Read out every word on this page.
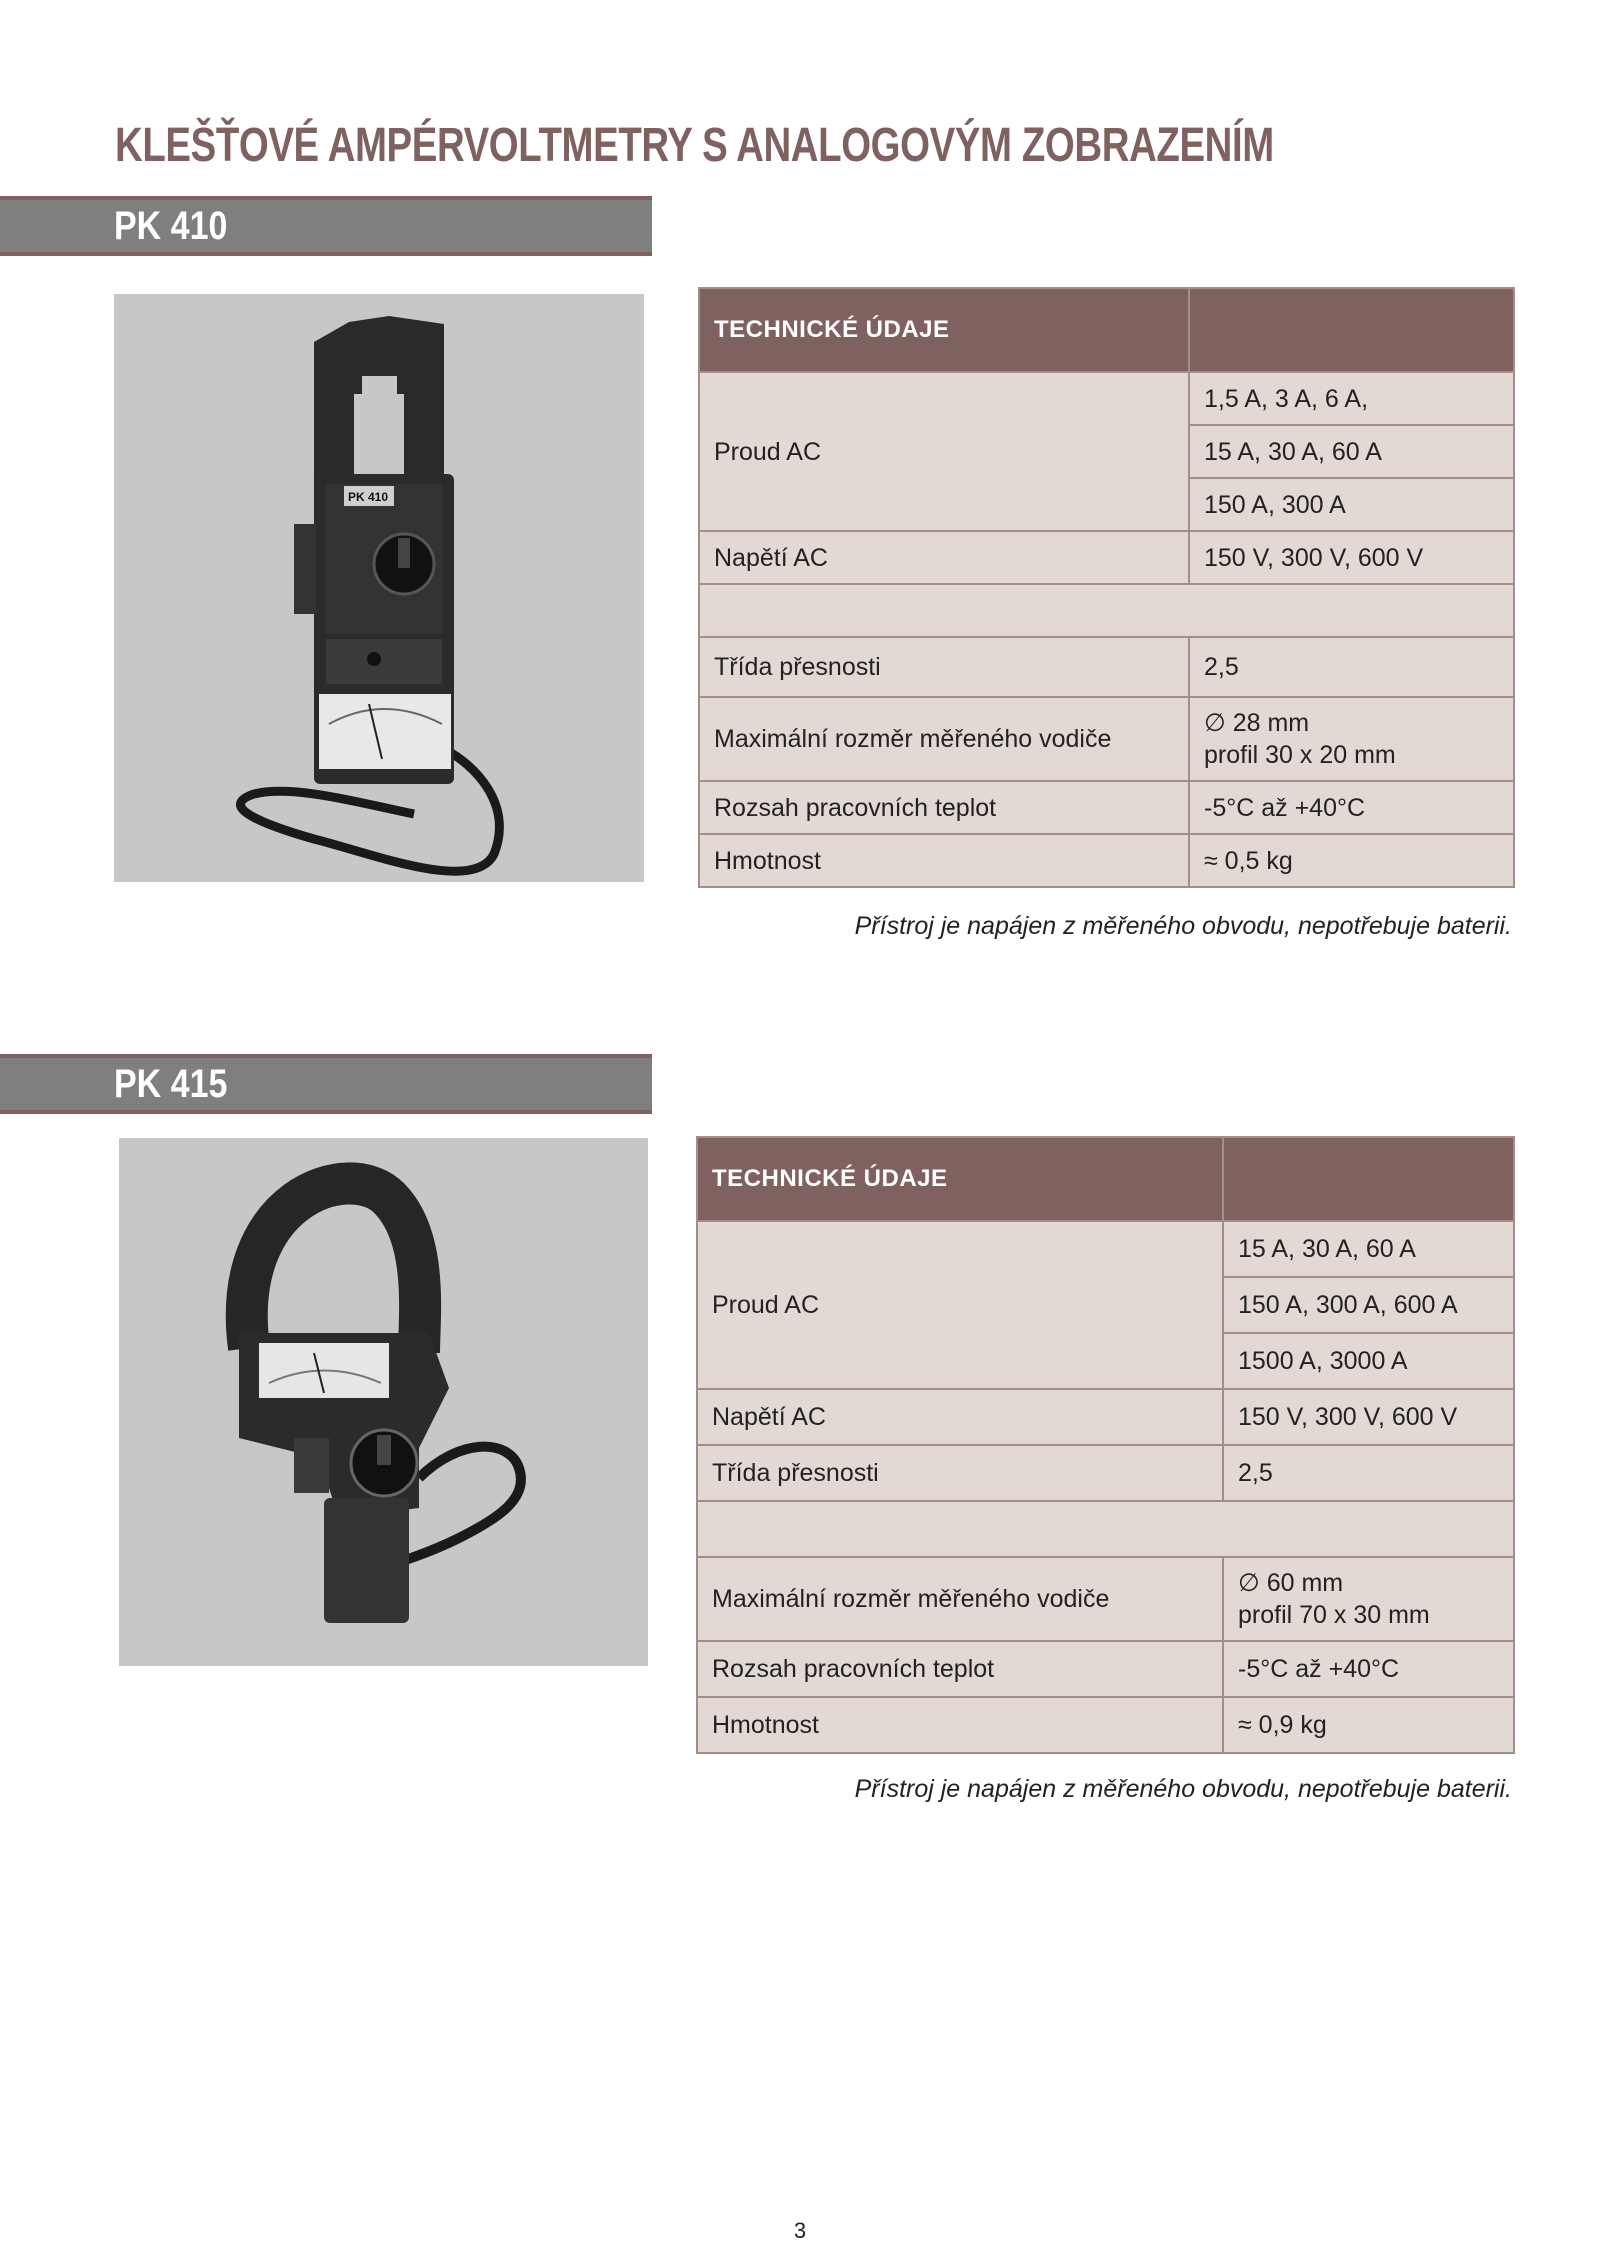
KLEŠŤOVÉ AMPÉRVOLTMETRY S ANALOGOVÝM ZOBRAZENÍM
PK 410
PK 410
TECHNICKÉ ÚDAJE	
Proud AC	1,5 A, 3 A, 6 A,
	15 A, 30 A, 60 A
	150 A, 300 A
Napětí AC	150 V, 300 V, 600 V

Třída přesnosti	2,5
Maximální rozměr měřeného vodiče	∅ 28 mm
profil 30 x 20 mm

Rozsah pracovních teplot	-5°C až +40°C
Hmotnost	≈ 0,5 kg
Přístroj je napájen z měřeného obvodu, nepotřebuje baterii.
PK 415
TECHNICKÉ ÚDAJE	
Proud AC	15 A, 30 A, 60 A
	150 A, 300 A, 600 A
	1500 A, 3000 A
Napětí AC	150 V, 300 V, 600 V
Třída přesnosti	2,5

Maximální rozměr měřeného vodiče	∅ 60 mm
profil 70 x 30 mm

Rozsah pracovních teplot	-5°C až +40°C
Hmotnost	≈ 0,9 kg
Přístroj je napájen z měřeného obvodu, nepotřebuje baterii.
3
